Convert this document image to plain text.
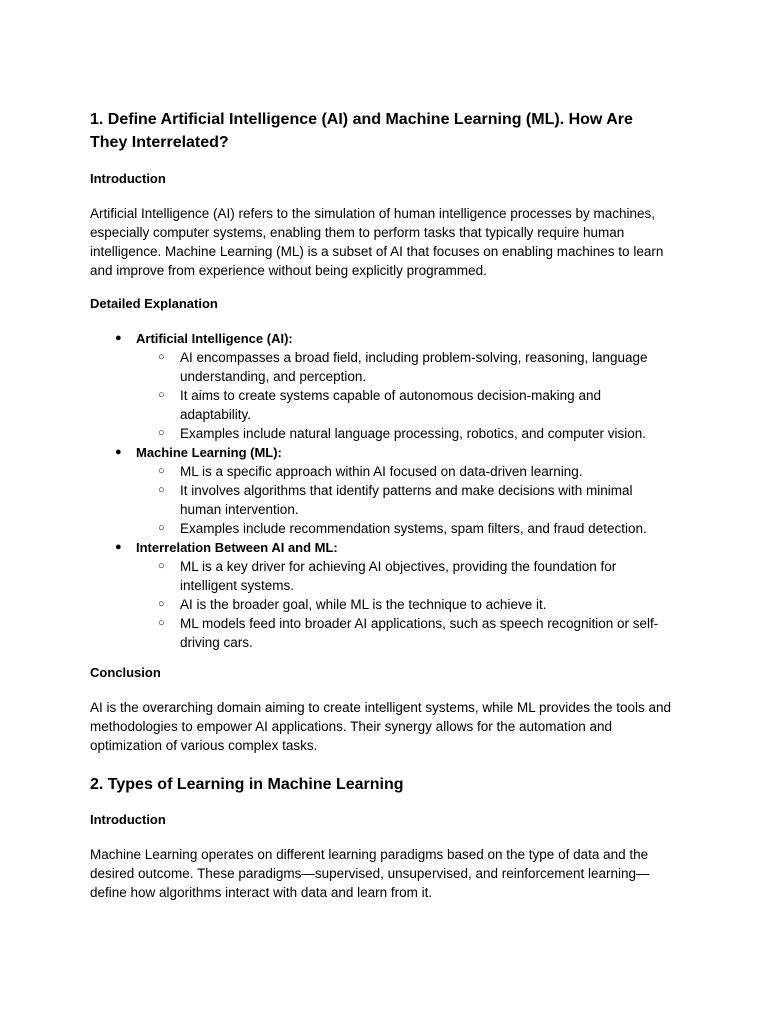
1. Define Artificial Intelligence (AI) and Machine Learning (ML). How Are
They Interrelated?
Introduction

Artificial Intelligence (AI) refers to the simulation of human intelligence processes by machines, especially computer systems, enabling them to perform tasks that typically require human intelligence. Machine Learning (ML) is a subset of AI that focuses on enabling machines to learn and improve from experience without being explicitly programmed.

Detailed Explanation
● Artificial Intelligence (AI):
○ AI encompasses a broad field, including problem-solving, reasoning, language understanding, and perception.
○ It aims to create systems capable of autonomous decision-making and adaptability.
○ Examples include natural language processing, robotics, and computer vision.
● Machine Learning (ML):
○ ML is a specific approach within AI focused on data-driven learning.
○ It involves algorithms that identify patterns and make decisions with minimal human intervention.
○ Examples include recommendation systems, spam filters, and fraud detection.
● Interrelation Between AI and ML:
○ ML is a key driver for achieving AI objectives, providing the foundation for intelligent systems.
○ AI is the broader goal, while ML is the technique to achieve it.
○ ML models feed into broader AI applications, such as speech recognition or self-driving cars.
Conclusion

AI is the overarching domain aiming to create intelligent systems, while ML provides the tools and methodologies to empower AI applications. Their synergy allows for the automation and optimization of various complex tasks.

2. Types of Learning in Machine Learning
Introduction

Machine Learning operates on different learning paradigms based on the type of data and the desired outcome. These paradigms—supervised, unsupervised, and reinforcement learning—define how algorithms interact with data and learn from it.
